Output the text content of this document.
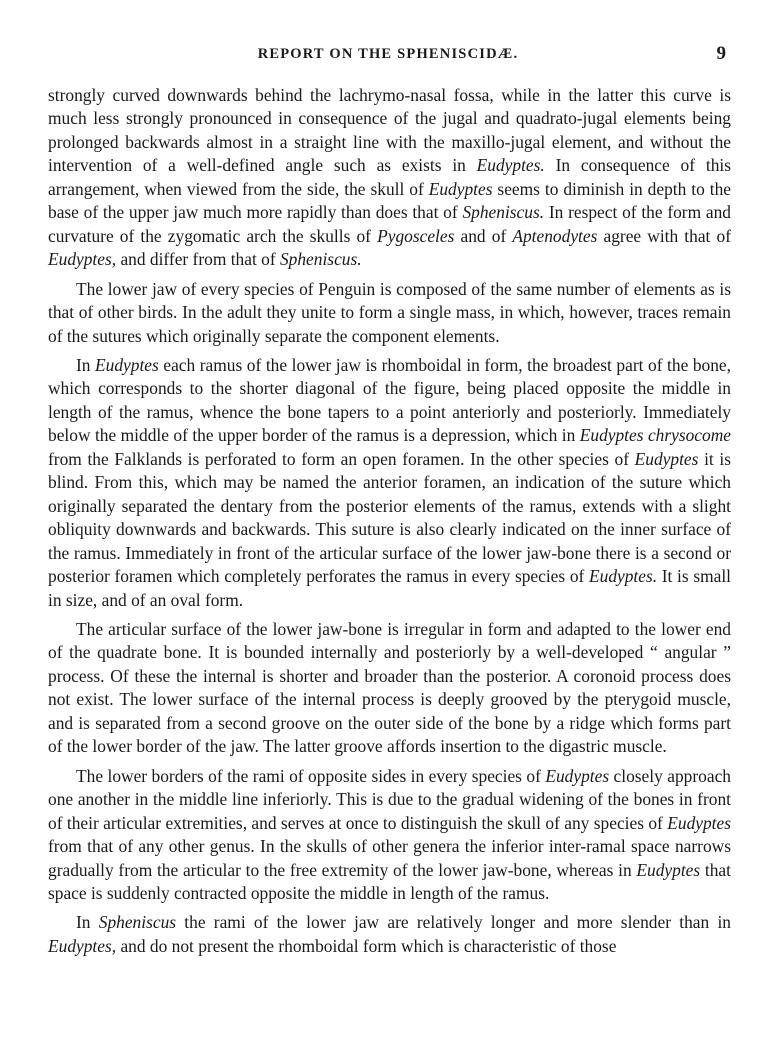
REPORT ON THE SPHENISCIDÆ.	9

strongly curved downwards behind the lachrymo-nasal fossa, while in the latter this curve is much less strongly pronounced in consequence of the jugal and quadrato-jugal elements being prolonged backwards almost in a straight line with the maxillo-jugal element, and without the intervention of a well-defined angle such as exists in Eudyptes. In consequence of this arrangement, when viewed from the side, the skull of Eudyptes seems to diminish in depth to the base of the upper jaw much more rapidly than does that of Spheniscus. In respect of the form and curvature of the zygomatic arch the skulls of Pygosceles and of Aptenodytes agree with that of Eudyptes, and differ from that of Spheniscus.

The lower jaw of every species of Penguin is composed of the same number of elements as is that of other birds. In the adult they unite to form a single mass, in which, however, traces remain of the sutures which originally separate the component elements.

In Eudyptes each ramus of the lower jaw is rhomboidal in form, the broadest part of the bone, which corresponds to the shorter diagonal of the figure, being placed opposite the middle in length of the ramus, whence the bone tapers to a point anteriorly and posteriorly. Immediately below the middle of the upper border of the ramus is a depression, which in Eudyptes chrysocome from the Falklands is perforated to form an open foramen. In the other species of Eudyptes it is blind. From this, which may be named the anterior foramen, an indication of the suture which originally separated the dentary from the posterior elements of the ramus, extends with a slight obliquity downwards and backwards. This suture is also clearly indicated on the inner surface of the ramus. Immediately in front of the articular surface of the lower jaw-bone there is a second or posterior foramen which completely perforates the ramus in every species of Eudyptes. It is small in size, and of an oval form.

The articular surface of the lower jaw-bone is irregular in form and adapted to the lower end of the quadrate bone. It is bounded internally and posteriorly by a well-developed “ angular ” process. Of these the internal is shorter and broader than the posterior. A coronoid process does not exist. The lower surface of the internal process is deeply grooved by the pterygoid muscle, and is separated from a second groove on the outer side of the bone by a ridge which forms part of the lower border of the jaw. The latter groove affords insertion to the digastric muscle.

The lower borders of the rami of opposite sides in every species of Eudyptes closely approach one another in the middle line inferiorly. This is due to the gradual widening of the bones in front of their articular extremities, and serves at once to distinguish the skull of any species of Eudyptes from that of any other genus. In the skulls of other genera the inferior inter-ramal space narrows gradually from the articular to the free extremity of the lower jaw-bone, whereas in Eudyptes that space is suddenly contracted opposite the middle in length of the ramus.

In Spheniscus the rami of the lower jaw are relatively longer and more slender than in Eudyptes, and do not present the rhomboidal form which is characteristic of those
